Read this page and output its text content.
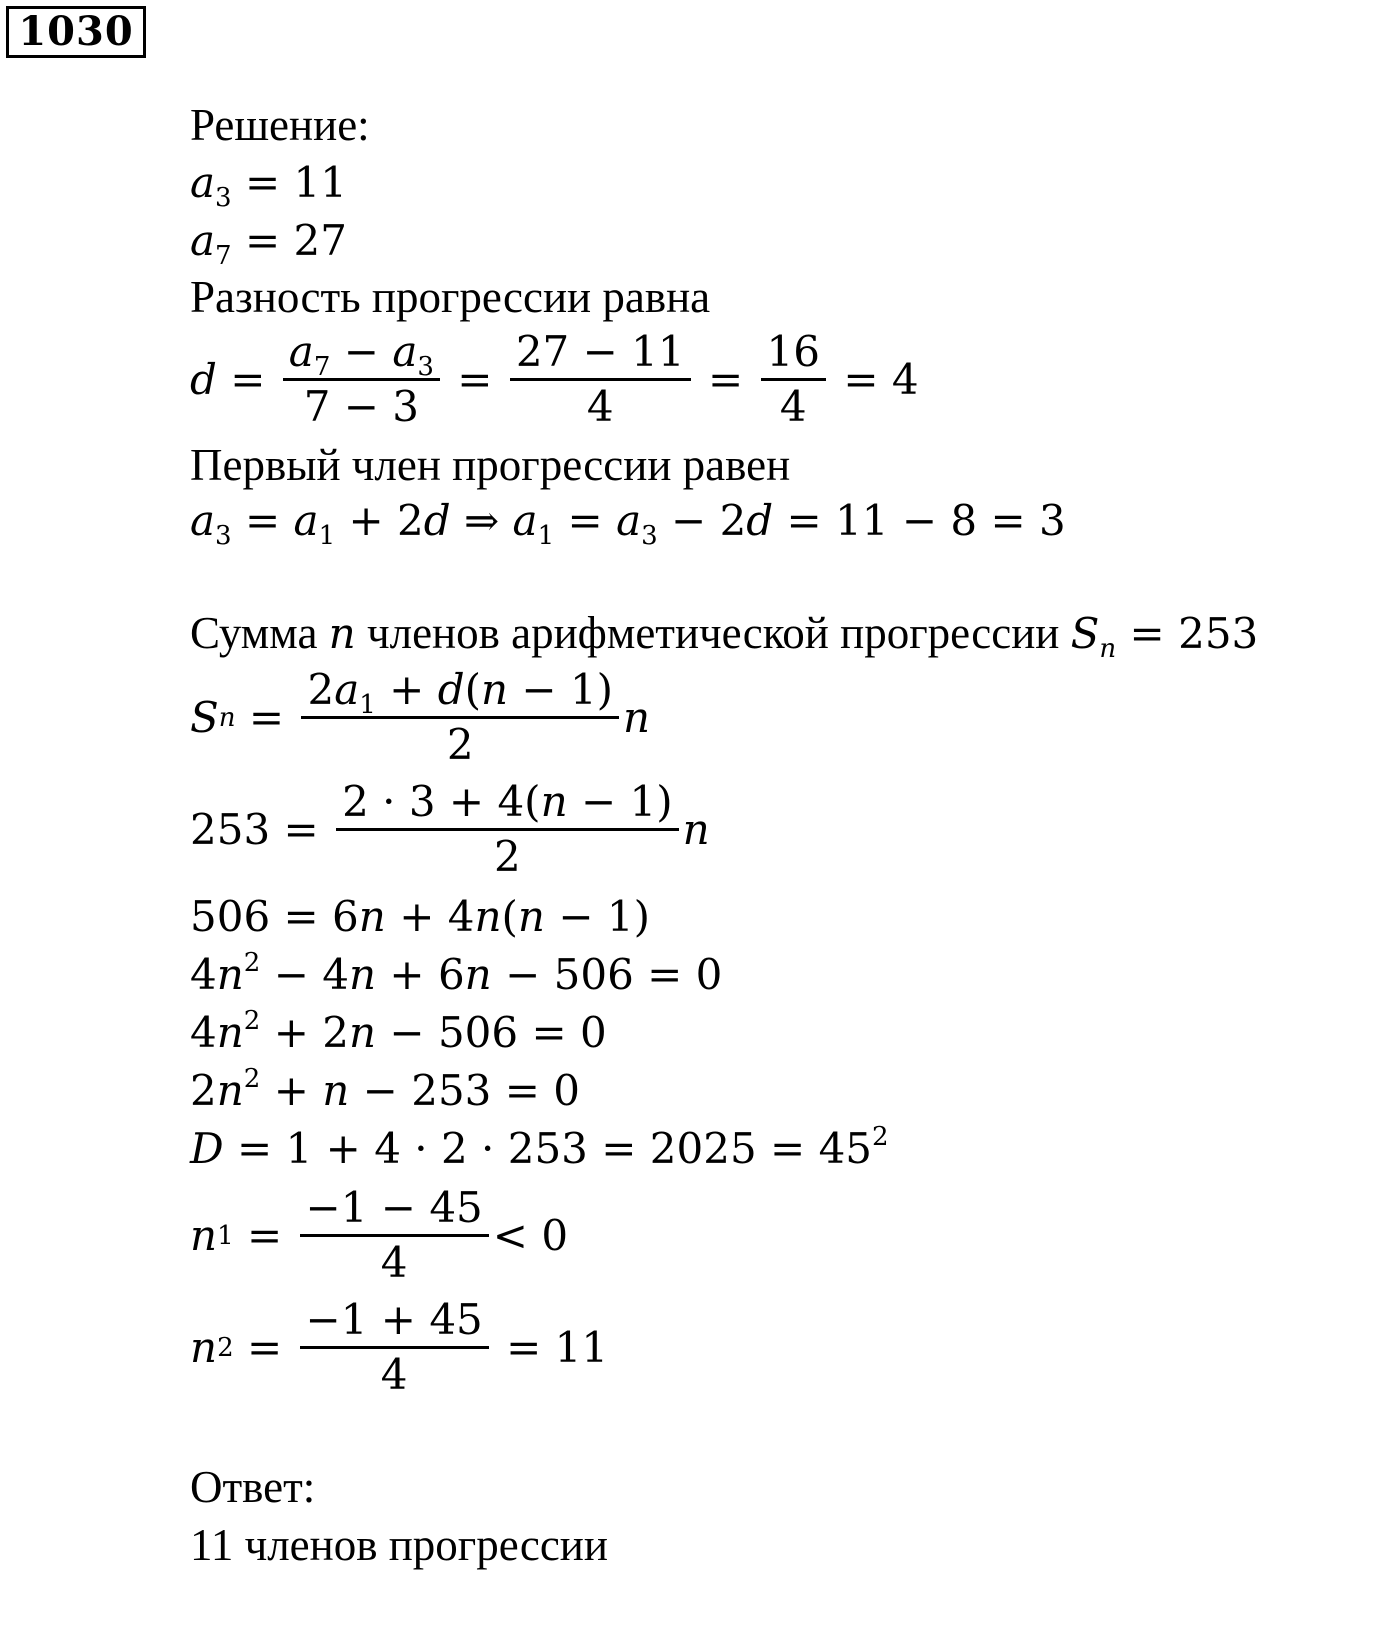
1030
Решение:
$a_3 = 11$
$a_7 = 27$
Разность прогрессии равна
$d = \frac{a_7 - a_3}{7 - 3} = \frac{27 - 11}{4} = \frac{16}{4} = 4$
Первый член прогрессии равен
$a_3 = a_1 + 2d$ ⇒ $a_1 = a_3 - 2d = 11 - 8 = 3$
Сумма n членов арифметической прогрессии $S_n = 253$
S $n = \frac{2a_1 + d(n - 1)}{2}$ n
$253 = \frac{2 \cdot 3 + 4(n - 1)}{2}$ n
506 = 6n + 4n(n − 1)
$4n^2 - 4n + 6n - 506 = 0$
$4n^2 + 2n - 506 = 0$
$2n^2 + n - 253 = 0$
$D = 1 + 4 \cdot 2 \cdot 253 = 2025 = 45^2$
n $1 = \frac{-1 - 45}{4} < 0$
n $2 = \frac{-1 + 45}{4} = 11$
Ответ:
11 членов прогрессии
